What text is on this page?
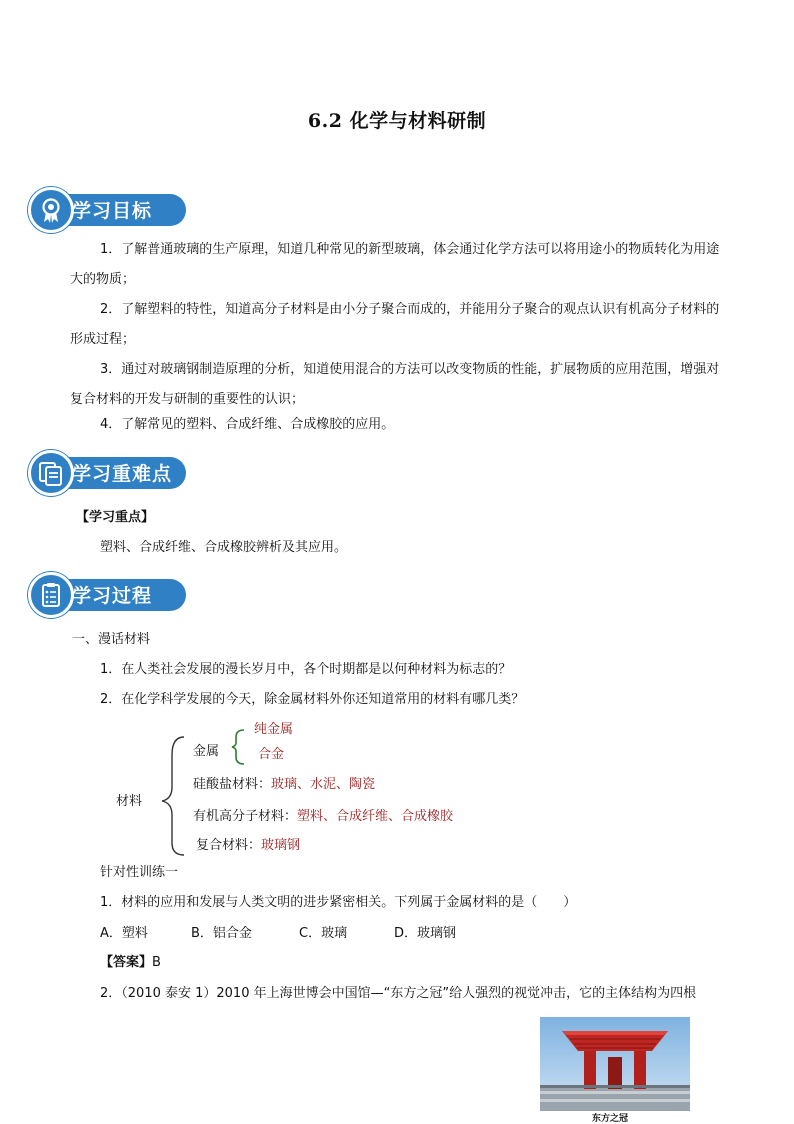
6.2 化学与材料研制
学习目标
1．了解普通玻璃的生产原理，知道几种常见的新型玻璃，体会通过化学方法可以将用途小的物质转化为用途大的物质；
2．了解塑料的特性，知道高分子材料是由小分子聚合而成的，并能用分子聚合的观点认识有机高分子材料的形成过程；
3．通过对玻璃钢制造原理的分析，知道使用混合的方法可以改变物质的性能，扩展物质的应用范围，增强对复合材料的开发与研制的重要性的认识；
4．了解常见的塑料、合成纤维、合成橡胶的应用。
学习重难点
【学习重点】
塑料、合成纤维、合成橡胶辨析及其应用。
学习过程
一、漫话材料
1．在人类社会发展的漫长岁月中，各个时期都是以何种材料为标志的？
2．在化学科学发展的今天，除金属材料外你还知道常用的材料有哪几类？
材料
金属
纯金属
合金
硅酸盐材料：玻璃、水泥、陶瓷
有机高分子材料：塑料、合成纤维、合成橡胶
复合材料：玻璃钢
针对性训练一
1．材料的应用和发展与人类文明的进步紧密相关。下列属于金属材料的是（　　）
A．塑料	B．铝合金	C．玻璃	D．玻璃钢
【答案】B
2．（2010 泰安 1）2010 年上海世博会中国馆—“东方之冠”给人强烈的视觉冲击，它的主体结构为四根
东方之冠
